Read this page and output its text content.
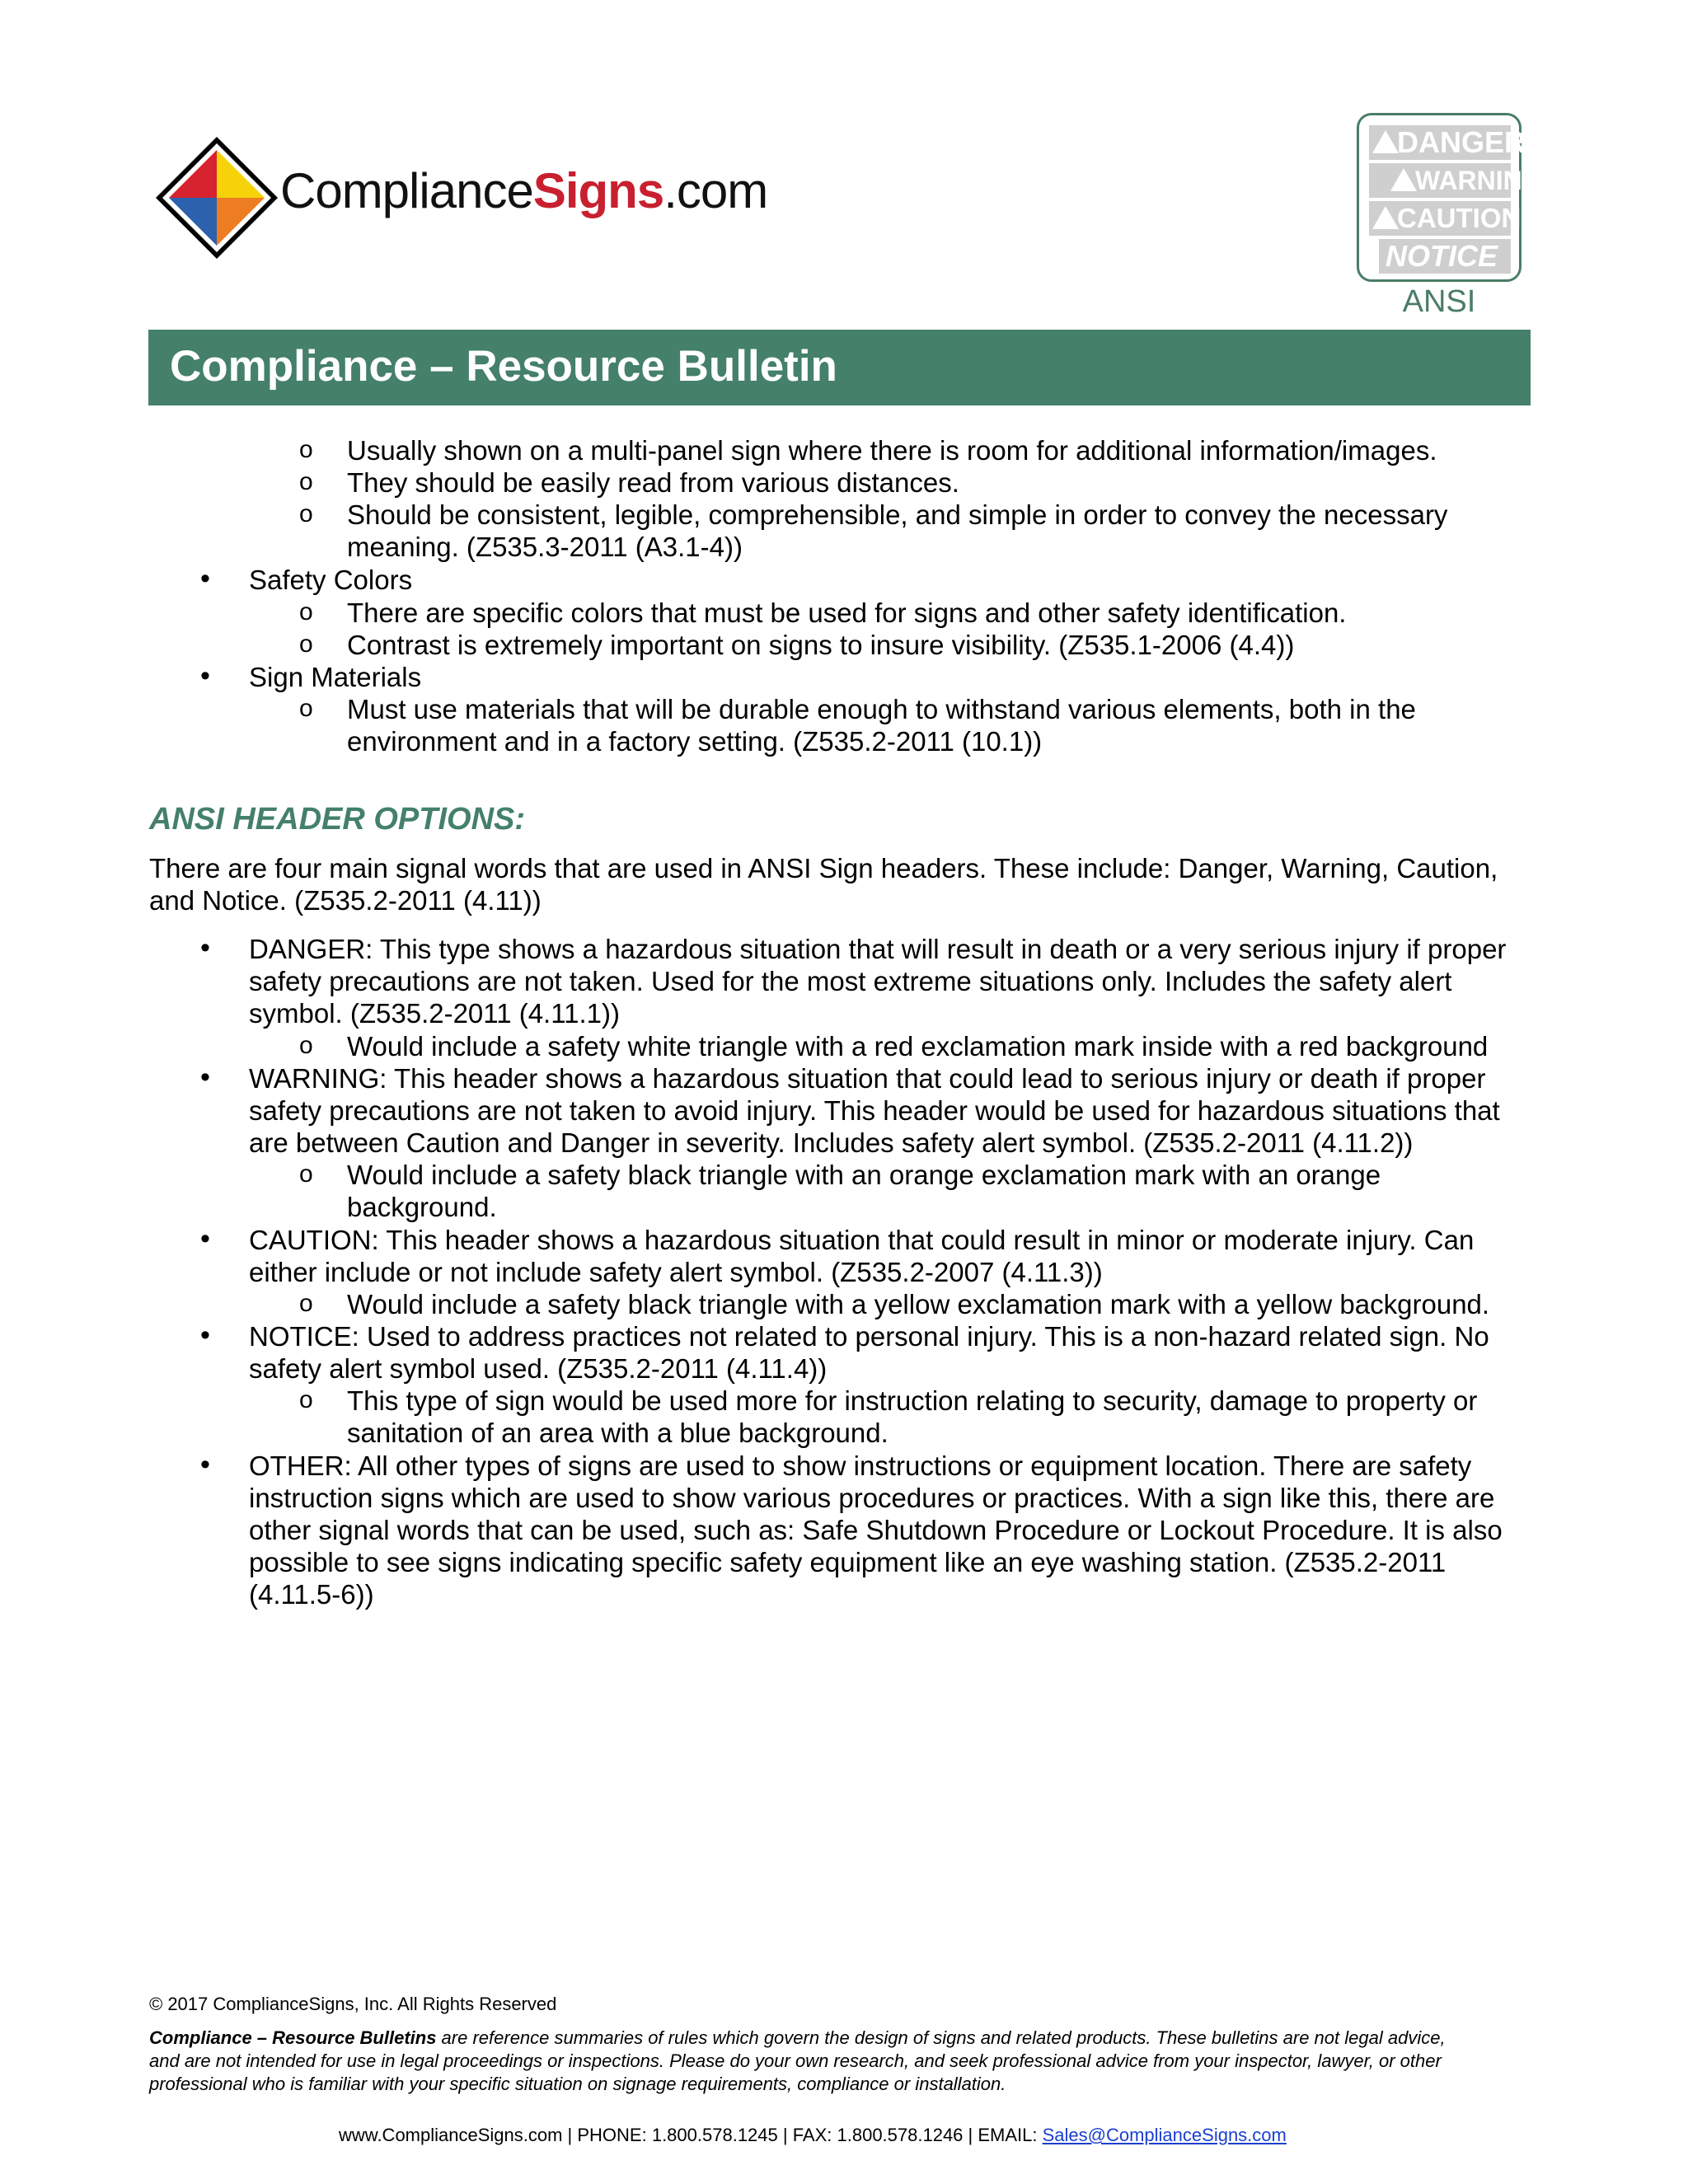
ComplianceSigns.com
DANGER
WARNING
CAUTION
NOTICE
ANSI
Compliance – Resource Bulletin
o Usually shown on a multi-panel sign where there is room for additional information/images.
o They should be easily read from various distances.
o Should be consistent, legible, comprehensible, and simple in order to convey the necessary
meaning. (Z535.3-2011 (A3.1-4))
• Safety Colors
o There are specific colors that must be used for signs and other safety identification.
o Contrast is extremely important on signs to insure visibility. (Z535.1-2006 (4.4))
• Sign Materials
o Must use materials that will be durable enough to withstand various elements, both in the
environment and in a factory setting. (Z535.2-2011 (10.1))
ANSI HEADER OPTIONS:
There are four main signal words that are used in ANSI Sign headers. These include: Danger, Warning, Caution,
and Notice. (Z535.2-2011 (4.11))
• DANGER: This type shows a hazardous situation that will result in death or a very serious injury if proper
safety precautions are not taken. Used for the most extreme situations only. Includes the safety alert
symbol. (Z535.2-2011 (4.11.1))
o Would include a safety white triangle with a red exclamation mark inside with a red background
• WARNING: This header shows a hazardous situation that could lead to serious injury or death if proper
safety precautions are not taken to avoid injury. This header would be used for hazardous situations that
are between Caution and Danger in severity. Includes safety alert symbol. (Z535.2-2011 (4.11.2))
o Would include a safety black triangle with an orange exclamation mark with an orange
background.
• CAUTION: This header shows a hazardous situation that could result in minor or moderate injury. Can
either include or not include safety alert symbol. (Z535.2-2007 (4.11.3))
o Would include a safety black triangle with a yellow exclamation mark with a yellow background.
• NOTICE: Used to address practices not related to personal injury. This is a non-hazard related sign. No
safety alert symbol used. (Z535.2-2011 (4.11.4))
o This type of sign would be used more for instruction relating to security, damage to property or
sanitation of an area with a blue background.
• OTHER: All other types of signs are used to show instructions or equipment location. There are safety
instruction signs which are used to show various procedures or practices. With a sign like this, there are
other signal words that can be used, such as: Safe Shutdown Procedure or Lockout Procedure. It is also
possible to see signs indicating specific safety equipment like an eye washing station. (Z535.2-2011
(4.11.5-6))
© 2017 ComplianceSigns, Inc. All Rights Reserved
Compliance – Resource Bulletins are reference summaries of rules which govern the design of signs and related products. These bulletins are not legal advice,
and are not intended for use in legal proceedings or inspections. Please do your own research, and seek professional advice from your inspector, lawyer, or other
professional who is familiar with your specific situation on signage requirements, compliance or installation.
www.ComplianceSigns.com | PHONE: 1.800.578.1245 | FAX: 1.800.578.1246 | EMAIL: Sales@ComplianceSigns.com
